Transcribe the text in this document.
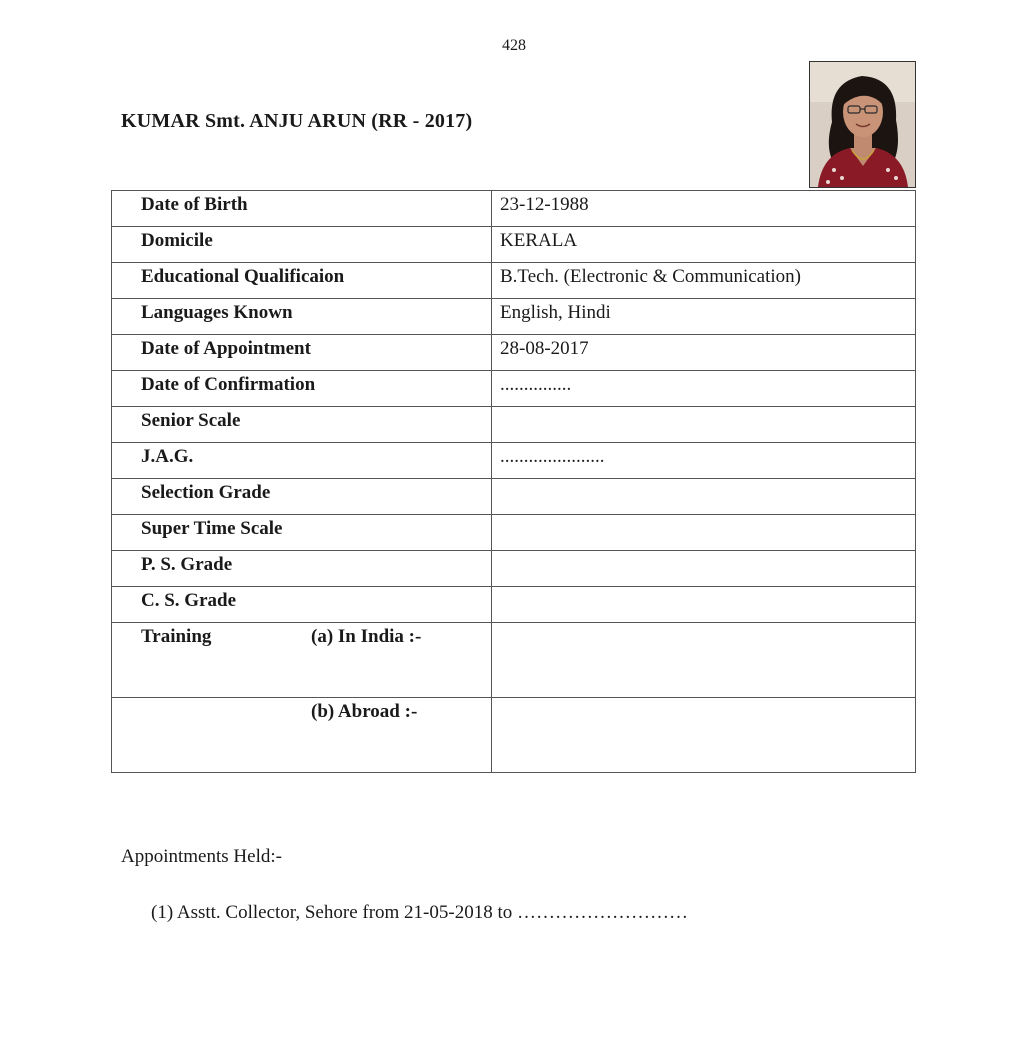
428
KUMAR Smt. ANJU ARUN (RR - 2017)
Date of Birth	23-12-1988
Domicile	KERALA
Educational Qualificaion	B.Tech. (Electronic & Communication)
Languages Known	English, Hindi
Date of Appointment	28-08-2017
Date of Confirmation	...............
Senior Scale	
J.A.G.	......................
Selection Grade	
Super Time Scale	
P. S. Grade	
C. S. Grade	

Training (a) In India :-	

(b) Abroad :-	

Appointments Held:-
(1) Asstt. Collector, Sehore from 21-05-2018 to ………………………
